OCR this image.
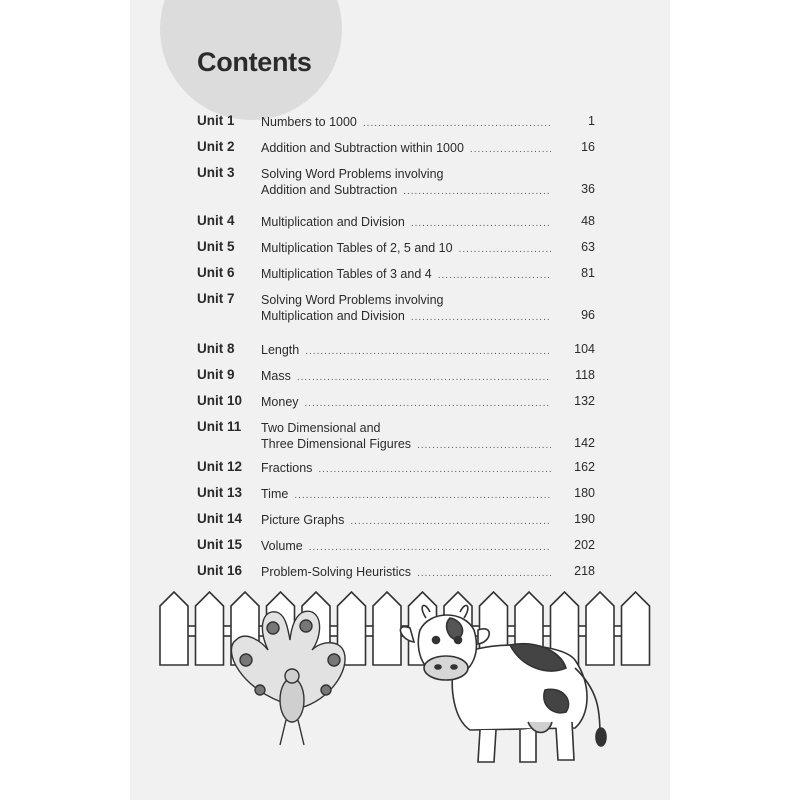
Contents
Unit 1 Numbers to 1000 .....	1
Unit 2 Addition and Subtraction within 1000 .....	16
Unit 3 Solving Word Problems involving
Addition and Subtraction .....	36
Unit 4 Multiplication and Division .....	48
Unit 5 Multiplication Tables of 2, 5 and 10 .....	63
Unit 6 Multiplication Tables of 3 and 4 .....	81
Unit 7 Solving Word Problems involving
Multiplication and Division .....	96
Unit 8 Length .....	104
Unit 9 Mass .....	118
Unit 10 Money .....	132
Unit 11 Two Dimensional and
Three Dimensional Figures .....	142
Unit 12 Fractions .....	162
Unit 13 Time .....	180
Unit 14 Picture Graphs .....	190
Unit 15 Volume .....	202
Unit 16 Problem-Solving Heuristics .....	218
